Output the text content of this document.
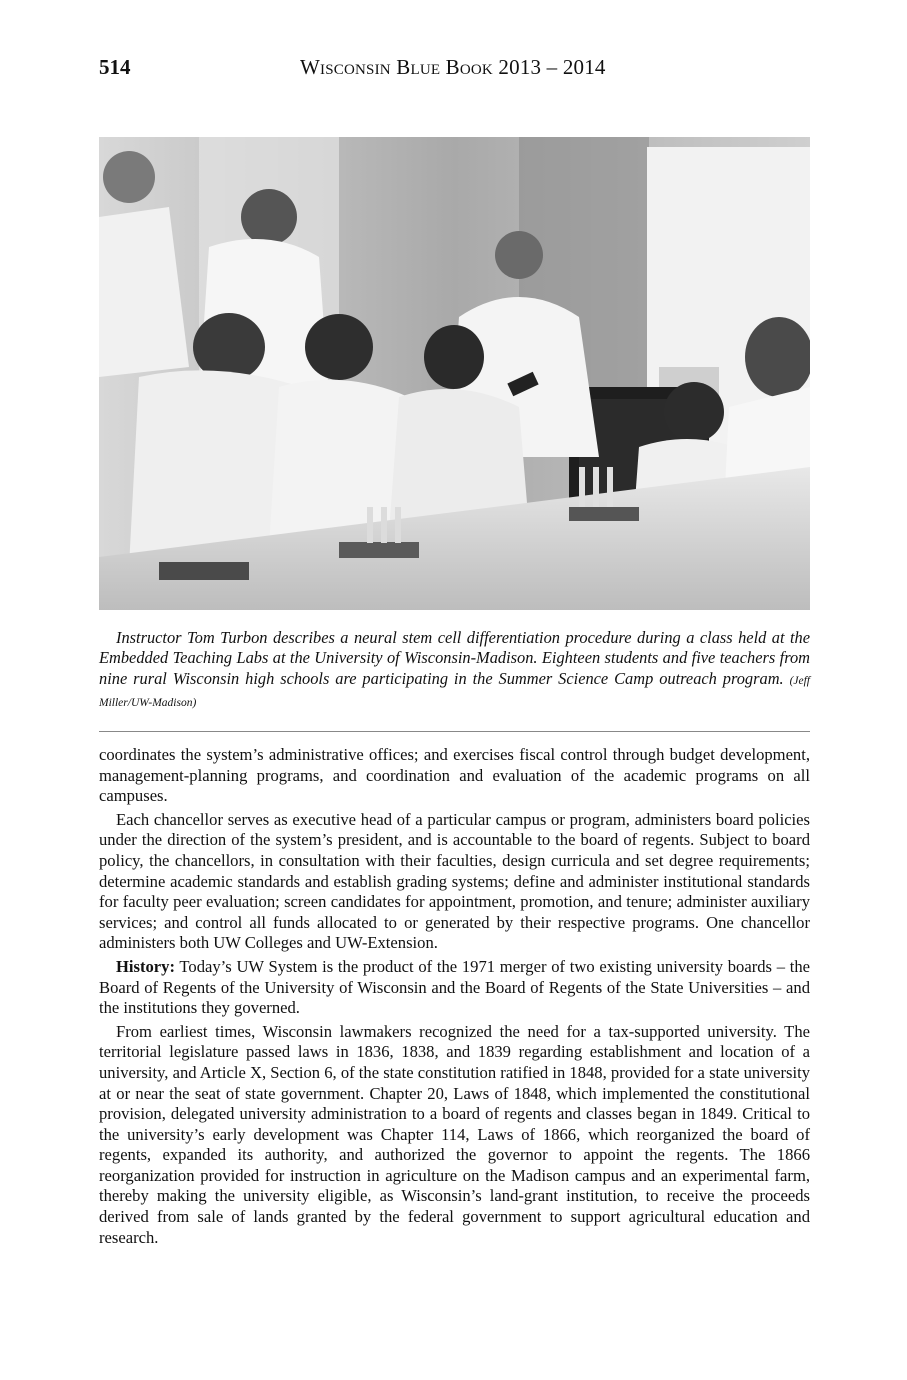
514	Wisconsin Blue Book 2013 – 2014
Instructor Tom Turbon describes a neural stem cell differentiation procedure during a class held at the Embedded Teaching Labs at the University of Wisconsin-Madison. Eighteen students and five teachers from nine rural Wisconsin high schools are participating in the Summer Science Camp outreach program. (Jeff Miller/UW-Madison)

coordinates the system’s administrative offices; and exercises fiscal control through budget development, management-planning programs, and coordination and evaluation of the academic programs on all campuses.

Each chancellor serves as executive head of a particular campus or program, administers board policies under the direction of the system’s president, and is accountable to the board of regents. Subject to board policy, the chancellors, in consultation with their faculties, design curricula and set degree requirements; determine academic standards and establish grading systems; define and administer institutional standards for faculty peer evaluation; screen candidates for appointment, promotion, and tenure; administer auxiliary services; and control all funds allocated to or generated by their respective programs. One chancellor administers both UW Colleges and UW-Extension.

History: Today’s UW System is the product of the 1971 merger of two existing university boards – the Board of Regents of the University of Wisconsin and the Board of Regents of the State Universities – and the institutions they governed.

From earliest times, Wisconsin lawmakers recognized the need for a tax-supported university. The territorial legislature passed laws in 1836, 1838, and 1839 regarding establishment and location of a university, and Article X, Section 6, of the state constitution ratified in 1848, provided for a state university at or near the seat of state government. Chapter 20, Laws of 1848, which implemented the constitutional provision, delegated university administration to a board of regents and classes began in 1849. Critical to the university’s early development was Chapter 114, Laws of 1866, which reorganized the board of regents, expanded its authority, and authorized the governor to appoint the regents. The 1866 reorganization provided for instruction in agriculture on the Madison campus and an experimental farm, thereby making the university eligible, as Wisconsin’s land-grant institution, to receive the proceeds derived from sale of lands granted by the federal government to support agricultural education and research.
